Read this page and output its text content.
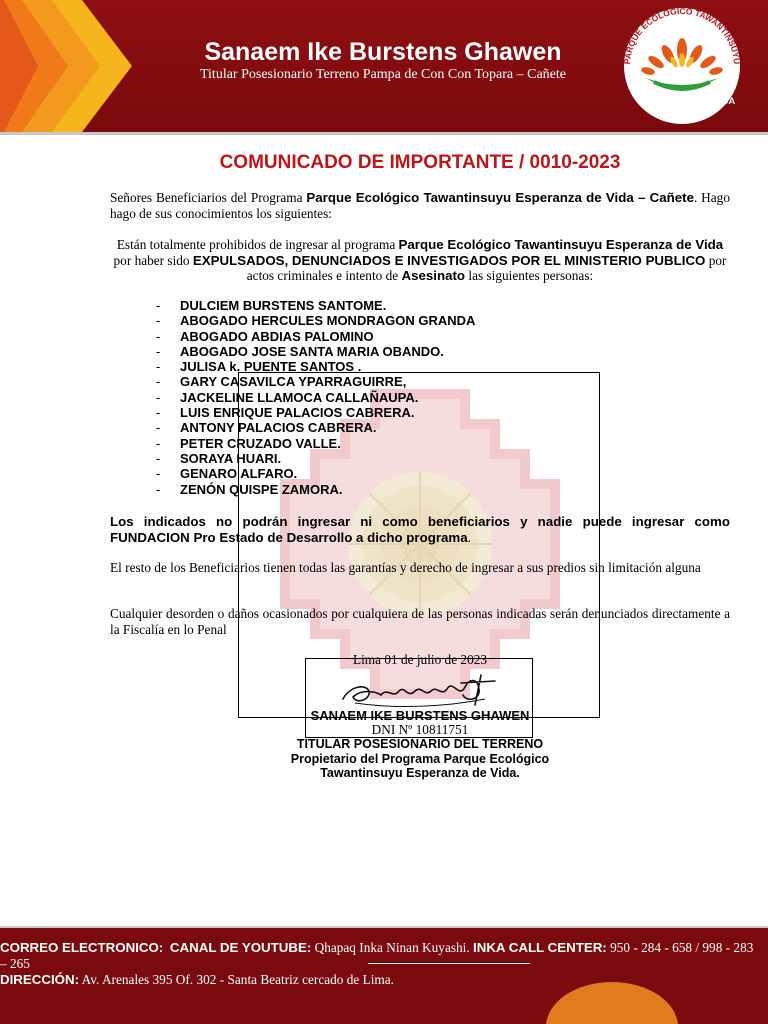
Sanaem Ike Burstens Ghawen
Titular Posesionario Terreno Pampa de Con Con Topara – Cañete
PARQUE ECOLOGICO TAWANTINSUYU
ESPERANZA DE VIDA
COMUNICADO DE IMPORTANTE / 0010-2023
Señores Beneficiarios del Programa Parque Ecológico Tawantinsuyu Esperanza de Vida – Cañete. Hago hago de sus conocimientos los siguientes:
Están totalmente prohibidos de ingresar al programa Parque Ecológico Tawantinsuyu Esperanza de Vida por haber sido EXPULSADOS, DENUNCIADOS E INVESTIGADOS POR EL MINISTERIO PUBLICO por actos criminales e intento de Asesinato las siguientes personas:
- DULCIEM BURSTENS SANTOME.
- ABOGADO HERCULES MONDRAGON GRANDA
- ABOGADO ABDIAS PALOMINO
- ABOGADO JOSE SANTA MARIA OBANDO.
- JULISA k. PUENTE SANTOS .
- GARY CASAVILCA YPARRAGUIRRE,
- JACKELINE LLAMOCA CALLAÑAUPA.
- LUIS ENRIQUE PALACIOS CABRERA.
- ANTONY PALACIOS CABRERA.
- PETER CRUZADO VALLE.
- SORAYA HUARI.
- GENARO ALFARO.
- ZENÓN QUISPE ZAMORA.
Los indicados no podrán ingresar ni como beneficiarios y nadie puede ingresar como FUNDACION Pro Estado de Desarrollo a dicho programa.
El resto de los Beneficiarios tienen todas las garantías y derecho de ingresar a sus predios sin limitación alguna
Cualquier desorden o daños ocasionados por cualquiera de las personas indicadas serán denunciados directamente a la Fiscalía en lo Penal
Lima 01 de julio de 2023
SANAEM IKE BURSTENS GHAWEN
DNI Nº 10811751
TITULAR POSESIONARIO DEL TERRENO
Propietario del Programa Parque Ecológico
Tawantinsuyu Esperanza de Vida.
CORREO ELECTRONICO: CANAL DE YOUTUBE: Qhapaq Inka Ninan Kuyashi. INKA CALL CENTER: 950 - 284 - 658 / 998 - 283 – 265
DIRECCIÓN: Av. Arenales 395 Of. 302 - Santa Beatriz cercado de Lima.
